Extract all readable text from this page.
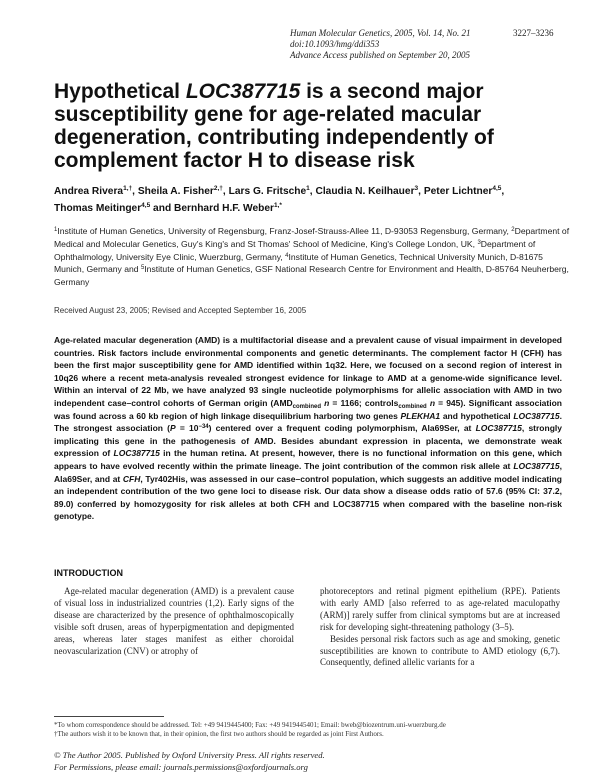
Human Molecular Genetics, 2005, Vol. 14, No. 21
doi:10.1093/hmg/ddi353
Advance Access published on September 20, 2005
3227–3236
Hypothetical LOC387715 is a second major susceptibility gene for age-related macular degeneration, contributing independently of complement factor H to disease risk
Andrea Rivera$^{1,\dagger}$, Sheila A. Fisher$^{2,\dagger}$, Lars G. Fritsche$^1$, Claudia N. Keilhauer$^3$, Peter Lichtner$^{4,5}$,
Thomas Meitinger$^{4,5}$ and Bernhard H.F. Weber$^{1,*}$
$^1$Institute of Human Genetics, University of Regensburg, Franz-Josef-Strauss-Allee 11, D-93053 Regensburg, Germany, $^2$Department of Medical and Molecular Genetics, Guy's King's and St Thomas' School of Medicine, King's College London, UK, $^3$Department of Ophthalmology, University Eye Clinic, Wuerzburg, Germany, $^4$Institute of Human Genetics, Technical University Munich, D-81675 Munich, Germany and $^5$Institute of Human Genetics, GSF National Research Centre for Environment and Health, D-85764 Neuherberg, Germany
Received August 23, 2005; Revised and Accepted September 16, 2005

Age-related macular degeneration (AMD) is a multifactorial disease and a prevalent cause of visual impairment in developed countries. Risk factors include environmental components and genetic determinants. The complement factor H (CFH) has been the first major susceptibility gene for AMD identified within 1q32. Here, we focused on a second region of interest in 10q26 where a recent meta-analysis revealed strongest evidence for linkage to AMD at a genome-wide significance level. Within an interval of 22 Mb, we have analyzed 93 single nucleotide polymorphisms for allelic association with AMD in two independent case–control cohorts of German origin ($AMD_{combined}$ n = 1166; controls$_{combined}$ n = 945). Significant association was found across a 60 kb region of high linkage disequilibrium harboring two genes PLEKHA1 and hypothetical LOC387715. The strongest association $(P = 10^{-34})$ centered over a frequent coding polymorphism, Ala69Ser, at LOC387715, strongly implicating this gene in the pathogenesis of AMD. Besides abundant expression in placenta, we demonstrate weak expression of LOC387715 in the human retina. At present, however, there is no functional information on this gene, which appears to have evolved recently within the primate lineage. The joint contribution of the common risk allele at LOC387715, Ala69Ser, and at CFH, Tyr402His, was assessed in our case–control population, which suggests an additive model indicating an independent contribution of the two gene loci to disease risk. Our data show a disease odds ratio of 57.6 (95% CI: 37.2, 89.0) conferred by homozygosity for risk alleles at both CFH and LOC387715 when compared with the baseline non-risk genotype.

INTRODUCTION
Age-related macular degeneration (AMD) is a prevalent cause of visual loss in industrialized countries (1,2). Early signs of the disease are characterized by the presence of ophthalmoscopically visible soft drusen, areas of hyperpigmentation and depigmented areas, whereas later stages manifest as either choroidal neovascularization (CNV) or atrophy of
photoreceptors and retinal pigment epithelium (RPE). Patients with early AMD [also referred to as age-related maculopathy (ARM)] rarely suffer from clinical symptoms but are at increased risk for developing sight-threatening pathology (3–5).
Besides personal risk factors such as age and smoking, genetic susceptibilities are known to contribute to AMD etiology (6,7). Consequently, defined allelic variants for a
*To whom correspondence should be addressed. Tel: +49 9419445400; Fax: +49 9419445401; Email: bweb@biozentrum.uni-wuerzburg.de
†The authors wish it to be known that, in their opinion, the first two authors should be regarded as joint First Authors.
© The Author 2005. Published by Oxford University Press. All rights reserved.
For Permissions, please email: journals.permissions@oxfordjournals.org
